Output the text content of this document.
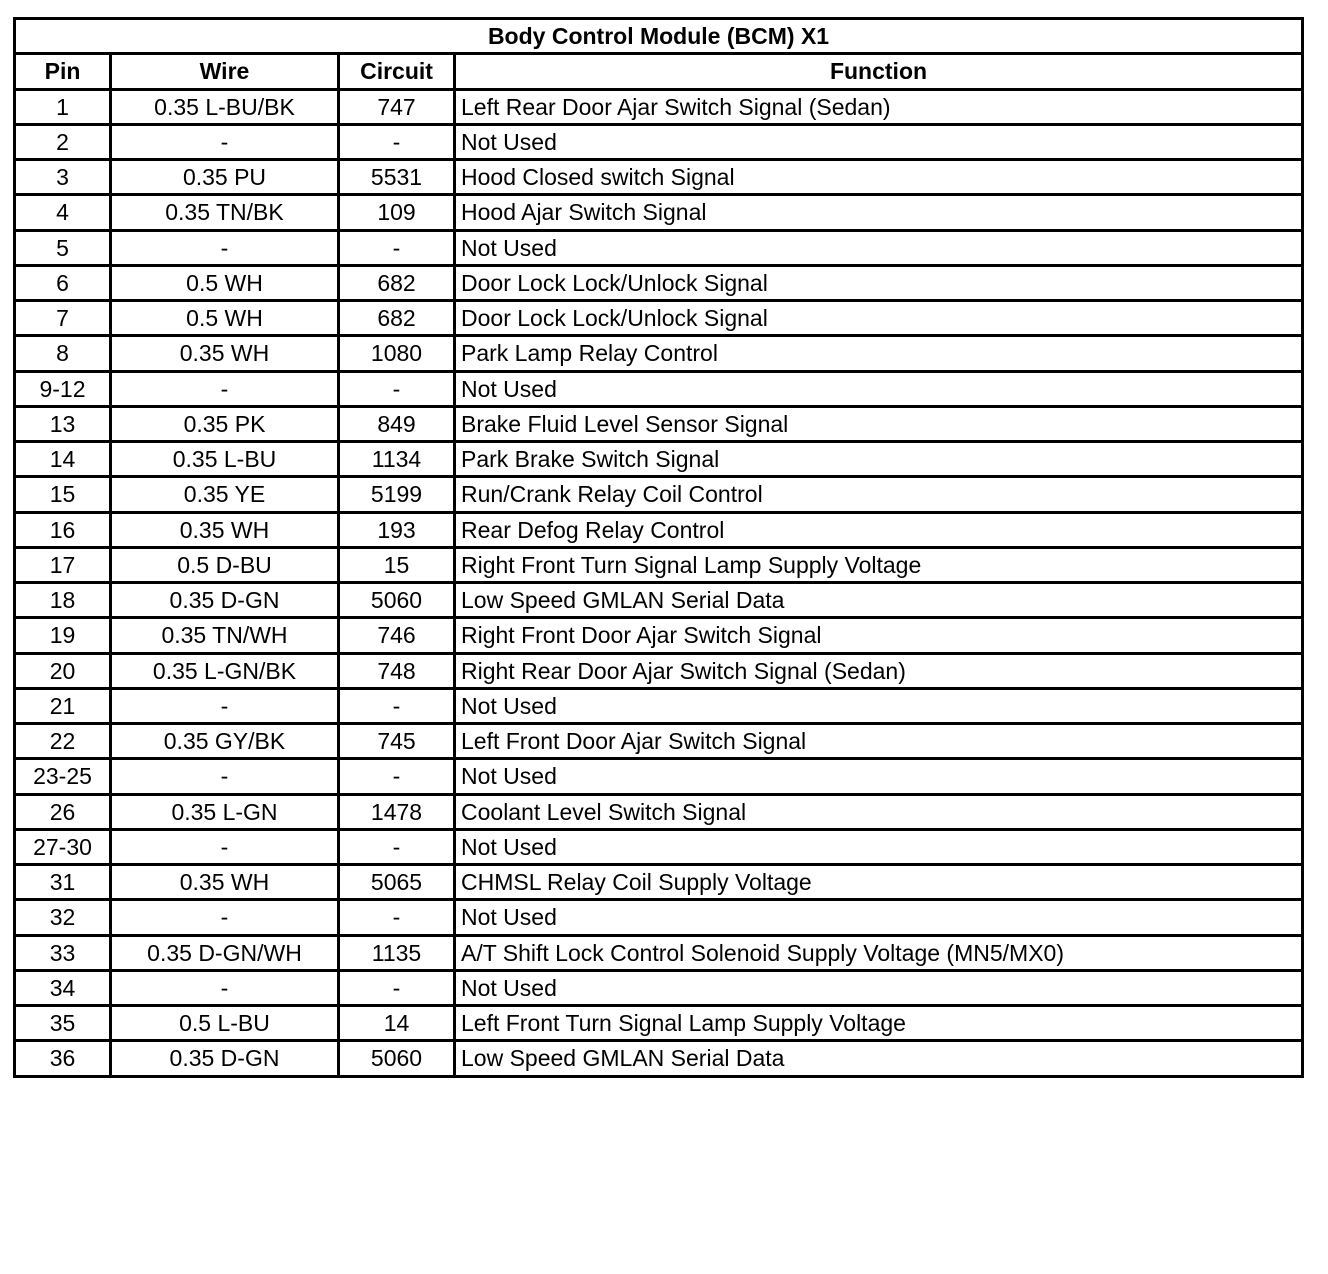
Body Control Module (BCM) X1			
Pin	Wire	Circuit	Function
1	0.35 L-BU/BK	747	Left Rear Door Ajar Switch Signal (Sedan)
2	-	-	Not Used
3	0.35 PU	5531	Hood Closed switch Signal
4	0.35 TN/BK	109	Hood Ajar Switch Signal
5	-	-	Not Used
6	0.5 WH	682	Door Lock Lock/Unlock Signal
7	0.5 WH	682	Door Lock Lock/Unlock Signal
8	0.35 WH	1080	Park Lamp Relay Control
9-12	-	-	Not Used
13	0.35 PK	849	Brake Fluid Level Sensor Signal
14	0.35 L-BU	1134	Park Brake Switch Signal
15	0.35 YE	5199	Run/Crank Relay Coil Control
16	0.35 WH	193	Rear Defog Relay Control
17	0.5 D-BU	15	Right Front Turn Signal Lamp Supply Voltage
18	0.35 D-GN	5060	Low Speed GMLAN Serial Data
19	0.35 TN/WH	746	Right Front Door Ajar Switch Signal
20	0.35 L-GN/BK	748	Right Rear Door Ajar Switch Signal (Sedan)
21	-	-	Not Used
22	0.35 GY/BK	745	Left Front Door Ajar Switch Signal
23-25	-	-	Not Used
26	0.35 L-GN	1478	Coolant Level Switch Signal
27-30	-	-	Not Used
31	0.35 WH	5065	CHMSL Relay Coil Supply Voltage
32	-	-	Not Used
33	0.35 D-GN/WH	1135	A/T Shift Lock Control Solenoid Supply Voltage (MN5/MX0)
34	-	-	Not Used
35	0.5 L-BU	14	Left Front Turn Signal Lamp Supply Voltage
36	0.35 D-GN	5060	Low Speed GMLAN Serial Data
